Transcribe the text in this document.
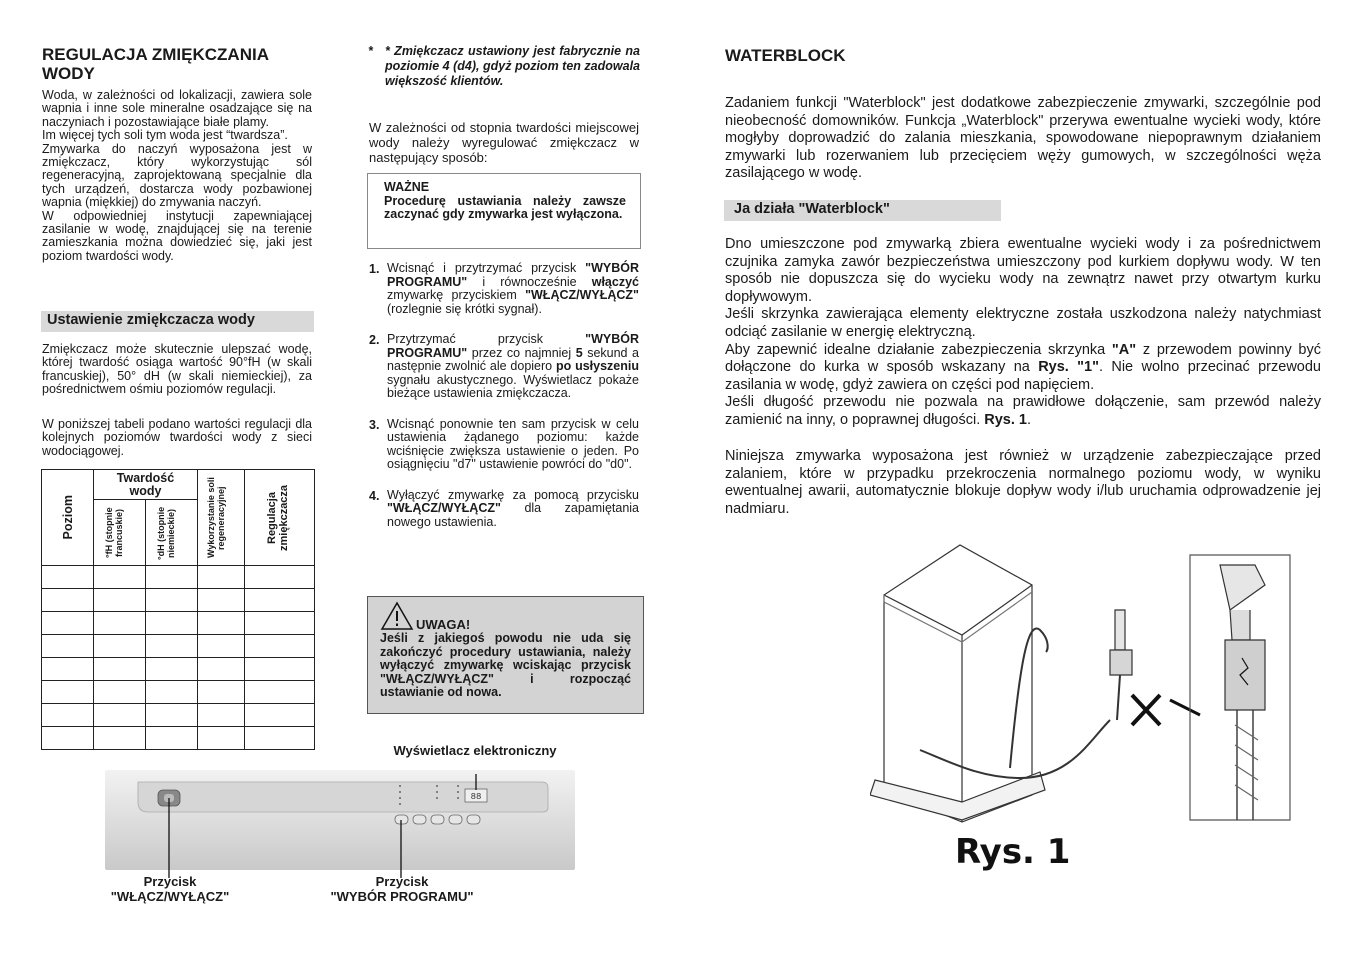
REGULACJA ZMIĘKCZANIA WODY
Woda, w zależności od lokalizacji, zawiera sole wapnia i inne sole mineralne osadzające się na naczyniach i pozostawiające białe plamy.
Im więcej tych soli tym woda jest “twardsza”.
Zmywarka do naczyń wyposażona jest w zmiękczacz, który wykorzystując sól regeneracyjną, zaprojektowaną specjalnie dla tych urządzeń, dostarcza wody pozbawionej wapnia (miękkiej) do zmywania naczyń.
W odpowiedniej instytucji zapewniającej zasilanie w wodę, znajdującej się na terenie zamieszkania można dowiedzieć się, jaki jest poziom twardości wody.
Ustawienie zmiękczacza wody
Zmiękczacz może skutecznie ulepszać wodę, której twardość osiąga wartość 90°fH (w skali francuskiej), 50° dH (w skali niemieckiej), za pośrednictwem ośmiu poziomów regulacji.
W poniższej tabeli podano wartości regulacji dla kolejnych poziomów twardości wody z sieci wodociągowej.
Poziom	Twardość wody		Wykorzystanie soli regeneracyjnej	Regulacja zmiękczacza

	°fH (stopnie francuskie)	°dH (stopnie niemieckie)		

* * Zmiękczacz ustawiony jest fabrycznie na poziomie 4 (d4), gdyż poziom ten zadowala większość klientów.
W zależności od stopnia twardości miejscowej wody należy wyregulować zmiękczacz w następujący sposób:
WAŻNE
Procedurę ustawiania należy zawsze zaczynać gdy zmywarka jest wyłączona.
1. Wcisnąć i przytrzymać przycisk "WYBÓR PROGRAMU" i równocześnie włączyć zmywarkę przyciskiem "WŁĄCZ/WYŁĄCZ" (rozlegnie się krótki sygnał).
2. Przytrzymać przycisk "WYBÓR PROGRAMU" przez co najmniej 5 sekund a następnie zwolnić ale dopiero po usłyszeniu sygnału akustycznego. Wyświetlacz pokaże bieżące ustawienia zmiękczacza.
3. Wcisnąć ponownie ten sam przycisk w celu ustawienia żądanego poziomu: każde wciśnięcie zwiększa ustawienie o jeden. Po osiągnięciu "d7" ustawienie powróci do "d0".
4. Wyłączyć zmywarkę za pomocą przycisku "WŁĄCZ/WYŁĄCZ" dla zapamiętania nowego ustawienia.
UWAGA!
Jeśli z jakiegoś powodu nie uda się zakończyć procedury ustawiania, należy wyłączyć zmywarkę wciskając przycisk "WŁĄCZ/WYŁĄCZ" i rozpocząć ustawianie od nowa.
Wyświetlacz elektroniczny
88
Przycisk
"WŁĄCZ/WYŁĄCZ"
Przycisk
"WYBÓR PROGRAMU"
WATERBLOCK
Zadaniem funkcji "Waterblock" jest dodatkowe zabezpieczenie zmywarki, szczególnie pod nieobecność domowników. Funkcja „Waterblock" przerywa ewentualne wycieki wody, które mogłyby doprowadzić do zalania mieszkania, spowodowane niepoprawnym działaniem zmywarki lub rozerwaniem lub przecięciem węży gumowych, w szczególności węża zasilającego w wodę.
Ja działa "Waterblock"
Dno umieszczone pod zmywarką zbiera ewentualne wycieki wody i za pośrednictwem czujnika zamyka zawór bezpieczeństwa umieszczony pod kurkiem dopływu wody. W ten sposób nie dopuszcza się do wycieku wody na zewnątrz nawet przy otwartym kurku dopływowym.
Jeśli skrzynka zawierająca elementy elektryczne została uszkodzona należy natychmiast odciąć zasilanie w energię elektryczną.
Aby zapewnić idealne działanie zabezpieczenia skrzynka "A" z przewodem powinny być dołączone do kurka w sposób wskazany na Rys. "1". Nie wolno przecinać przewodu zasilania w wodę, gdyż zawiera on części pod napięciem.
Jeśli długość przewodu nie pozwala na prawidłowe dołączenie, sam przewód należy zamienić na inny, o poprawnej długości. Rys. 1.
Niniejsza zmywarka wyposażona jest również w urządzenie zabezpieczające przed zalaniem, które w przypadku przekroczenia normalnego poziomu wody, w wyniku ewentualnej awarii, automatycznie blokuje dopływ wody i/lub uruchamia odprowadzenie jej nadmiaru.
Rys. 1
